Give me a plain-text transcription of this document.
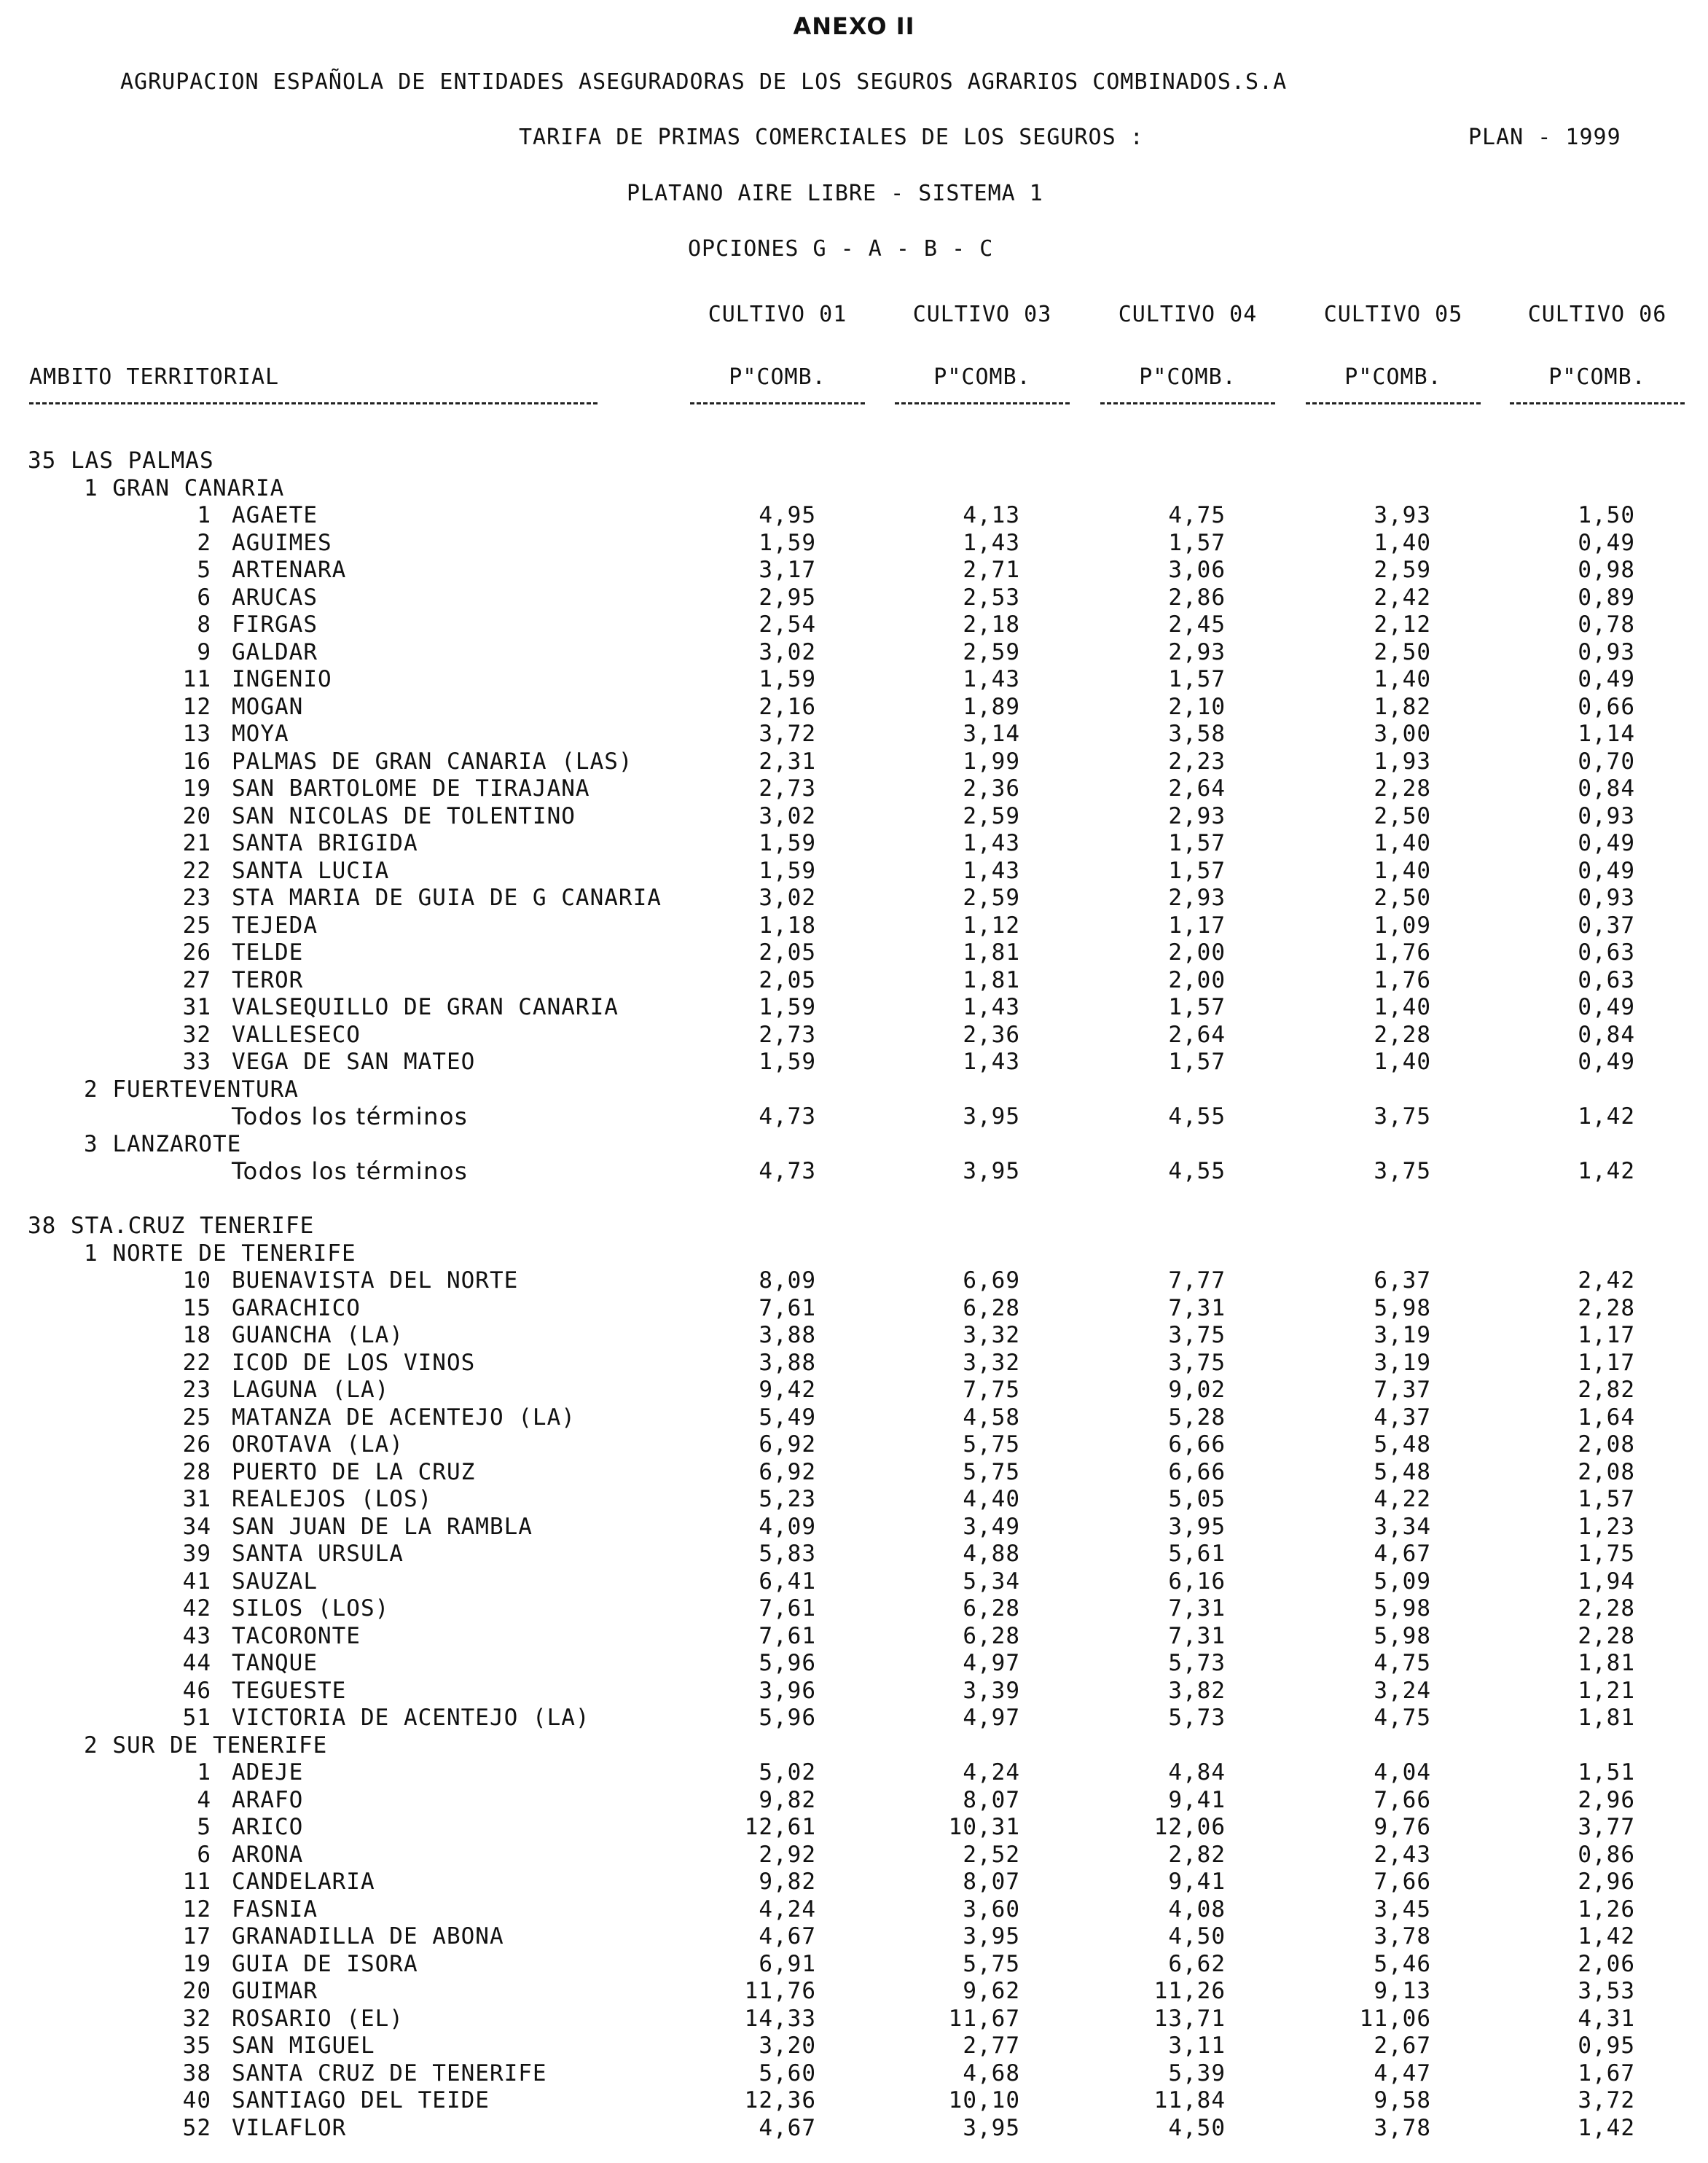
ANEXO II
AGRUPACION ESPAÑOLA DE ENTIDADES ASEGURADORAS DE LOS SEGUROS AGRARIOS COMBINADOS.S.A
TARIFA DE PRIMAS COMERCIALES DE LOS SEGUROS :	PLAN - 1999
PLATANO AIRE LIBRE - SISTEMA 1
OPCIONES G - A - B - C
CULTIVO 01	CULTIVO 03	CULTIVO 04	CULTIVO 05	CULTIVO 06
AMBITO TERRITORIAL	P"COMB.	P"COMB.	P"COMB.	P"COMB.	P"COMB.
35 LAS PALMAS
1 GRAN CANARIA
1 AGAETE	4,95	4,13	4,75	3,93	1,50
2 AGUIMES	1,59	1,43	1,57	1,40	0,49
5 ARTENARA	3,17	2,71	3,06	2,59	0,98
6 ARUCAS	2,95	2,53	2,86	2,42	0,89
8 FIRGAS	2,54	2,18	2,45	2,12	0,78
9 GALDAR	3,02	2,59	2,93	2,50	0,93
11 INGENIO	1,59	1,43	1,57	1,40	0,49
12 MOGAN	2,16	1,89	2,10	1,82	0,66
13 MOYA	3,72	3,14	3,58	3,00	1,14
16 PALMAS DE GRAN CANARIA (LAS)	2,31	1,99	2,23	1,93	0,70
19 SAN BARTOLOME DE TIRAJANA	2,73	2,36	2,64	2,28	0,84
20 SAN NICOLAS DE TOLENTINO	3,02	2,59	2,93	2,50	0,93
21 SANTA BRIGIDA	1,59	1,43	1,57	1,40	0,49
22 SANTA LUCIA	1,59	1,43	1,57	1,40	0,49
23 STA MARIA DE GUIA DE G CANARIA	3,02	2,59	2,93	2,50	0,93
25 TEJEDA	1,18	1,12	1,17	1,09	0,37
26 TELDE	2,05	1,81	2,00	1,76	0,63
27 TEROR	2,05	1,81	2,00	1,76	0,63
31 VALSEQUILLO DE GRAN CANARIA	1,59	1,43	1,57	1,40	0,49
32 VALLESECO	2,73	2,36	2,64	2,28	0,84
33 VEGA DE SAN MATEO	1,59	1,43	1,57	1,40	0,49
2 FUERTEVENTURA
Todos los términos	4,73	3,95	4,55	3,75	1,42
3 LANZAROTE
Todos los términos	4,73	3,95	4,55	3,75	1,42
38 STA.CRUZ TENERIFE
1 NORTE DE TENERIFE
10 BUENAVISTA DEL NORTE	8,09	6,69	7,77	6,37	2,42
15 GARACHICO	7,61	6,28	7,31	5,98	2,28
18 GUANCHA (LA)	3,88	3,32	3,75	3,19	1,17
22 ICOD DE LOS VINOS	3,88	3,32	3,75	3,19	1,17
23 LAGUNA (LA)	9,42	7,75	9,02	7,37	2,82
25 MATANZA DE ACENTEJO (LA)	5,49	4,58	5,28	4,37	1,64
26 OROTAVA (LA)	6,92	5,75	6,66	5,48	2,08
28 PUERTO DE LA CRUZ	6,92	5,75	6,66	5,48	2,08
31 REALEJOS (LOS)	5,23	4,40	5,05	4,22	1,57
34 SAN JUAN DE LA RAMBLA	4,09	3,49	3,95	3,34	1,23
39 SANTA URSULA	5,83	4,88	5,61	4,67	1,75
41 SAUZAL	6,41	5,34	6,16	5,09	1,94
42 SILOS (LOS)	7,61	6,28	7,31	5,98	2,28
43 TACORONTE	7,61	6,28	7,31	5,98	2,28
44 TANQUE	5,96	4,97	5,73	4,75	1,81
46 TEGUESTE	3,96	3,39	3,82	3,24	1,21
51 VICTORIA DE ACENTEJO (LA)	5,96	4,97	5,73	4,75	1,81
2 SUR DE TENERIFE
1 ADEJE	5,02	4,24	4,84	4,04	1,51
4 ARAFO	9,82	8,07	9,41	7,66	2,96
5 ARICO	12,61	10,31	12,06	9,76	3,77
6 ARONA	2,92	2,52	2,82	2,43	0,86
11 CANDELARIA	9,82	8,07	9,41	7,66	2,96
12 FASNIA	4,24	3,60	4,08	3,45	1,26
17 GRANADILLA DE ABONA	4,67	3,95	4,50	3,78	1,42
19 GUIA DE ISORA	6,91	5,75	6,62	5,46	2,06
20 GUIMAR	11,76	9,62	11,26	9,13	3,53
32 ROSARIO (EL)	14,33	11,67	13,71	11,06	4,31
35 SAN MIGUEL	3,20	2,77	3,11	2,67	0,95
38 SANTA CRUZ DE TENERIFE	5,60	4,68	5,39	4,47	1,67
40 SANTIAGO DEL TEIDE	12,36	10,10	11,84	9,58	3,72
52 VILAFLOR	4,67	3,95	4,50	3,78	1,42
